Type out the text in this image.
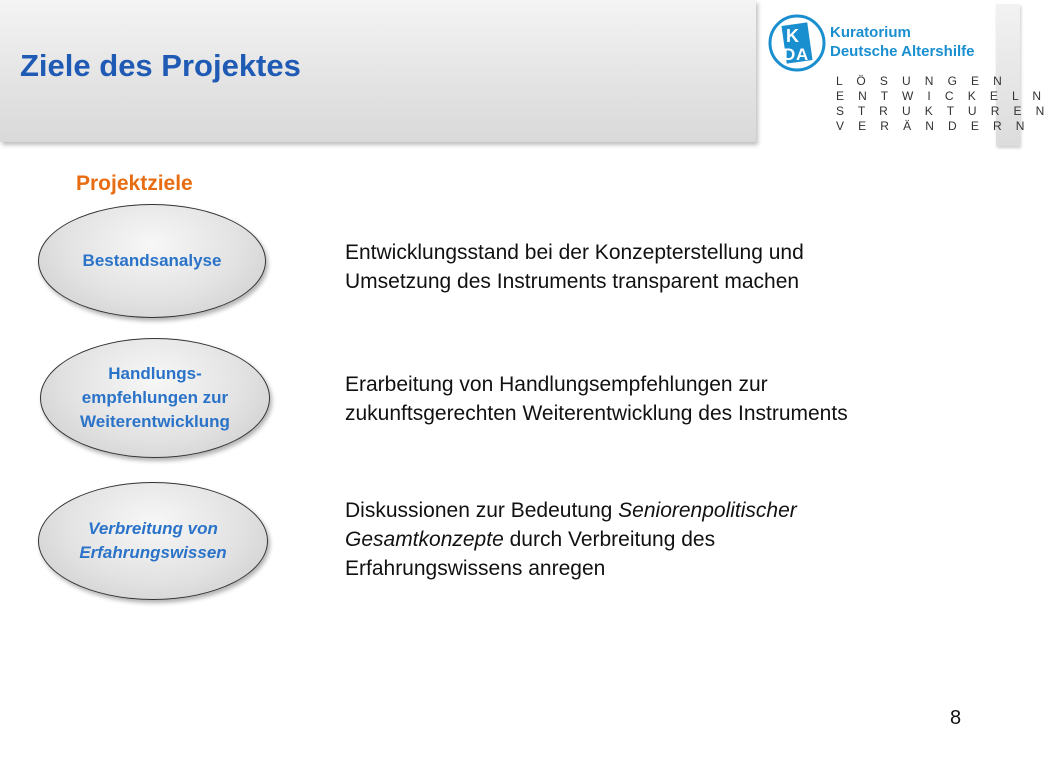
Ziele des Projektes
K
D A
Kuratorium
Deutsche Altershilfe
L Ö S U N G E N
E N T W I C K E L N
S T R U K T U R E N
V E R Ä N D E R N
Projektziele
Bestandsanalyse
Handlungs-
empfehlungen zur
Weiterentwicklung
Verbreitung von
Erfahrungswissen
Entwicklungsstand bei der Konzepterstellung und
Umsetzung des Instruments transparent machen
Erarbeitung von Handlungsempfehlungen zur
zukunftsgerechten Weiterentwicklung des Instruments
Diskussionen zur Bedeutung Seniorenpolitischer
Gesamtkonzepte durch Verbreitung des
Erfahrungswissens anregen
8
